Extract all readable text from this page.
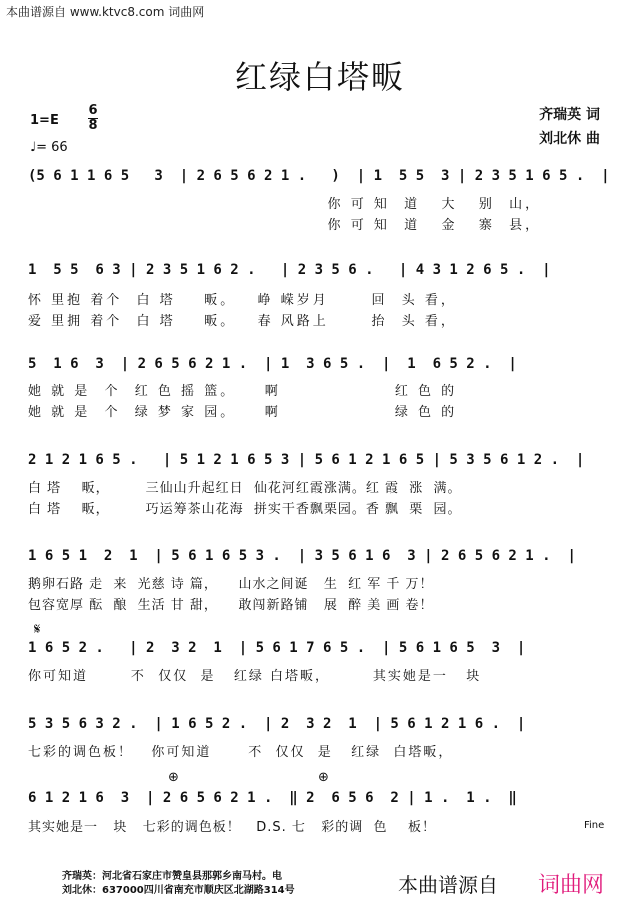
本曲谱源自 www.ktvc8.com 词曲网
红绿白塔畈
1=E
6
8
♩= 66
齐瑞英 词
刘北休 曲
(5 6 1 1 6 5   3  | 2 6 5 6 2 1 .   )  | 1  5 5  3 | 2 3 5 1 6 5 .  |
你 可 知  道   大   别  山，
你 可 知  道   金   寨  县，
1  5 5  6 3 | 2 3 5 1 6 2 .   | 2 3 5 6 .   | 4 3 1 2 6 5 .  |
怀 里抱 着个  白 塔    畈。   峥 嵘岁月      回  头 看，
爱 里拥 着个  白 塔    畈。   春 风路上      抬  头 看，
5  1 6  3  | 2 6 5 6 2 1 .  | 1  3 6 5 .  |  1  6 5 2 .  |
她 就 是  个  红 色 摇 篮。    啊                红 色 的
她 就 是  个  绿 梦 家 园。    啊                绿 色 的
2 1 2 1 6 5 .   | 5 1 2 1 6 5 3 | 5 6 1 2 1 6 5 | 5 3 5 6 1 2 .  |
白 塔    畈，       三仙山升起红日  仙花河红霞涨满。红 霞  涨  满。
白 塔    畈，       巧运筹茶山花海  拼实干香飘栗园。香 飘  栗  园。
1 6 5 1  2  1  | 5 6 1 6 5 3 .  | 3 5 6 1 6  3 | 2 6 5 6 2 1 .  |
鹅卵石路 走  来  光慈 诗 篇，    山水之间诞   生  红 军 千 万！
包容宽厚 酝  酿  生活 甘 甜，    敢闯新路铺   展  醉 美 画 卷！
𝄋
1 6 5 2 .   | 2  3 2  1  | 5 6 1 7 6 5 .  | 5 6 1 6 5  3  |
你可知道       不  仅仅  是   红绿 白塔畈，       其实她是一   块
5 3 5 6 3 2 .  | 1 6 5 2 .  | 2  3 2  1  | 5 6 1 2 1 6 .  |
七彩的调色板！   你可知道      不  仅仅  是   红绿  白塔畈，
⊕	⊕
6 1 2 1 6  3  | 2 6 5 6 2 1 .  ‖ 2  6 5 6  2 | 1 .  1 .  ‖
其实她是一   块   七彩的调色板！   D.S. 七   彩的调  色    板！	Fine
齐瑞英：河北省石家庄市赞皇县那郭乡南马村。电
刘北休：637000四川省南充市顺庆区北湖路314号	本曲谱源自 词曲网
